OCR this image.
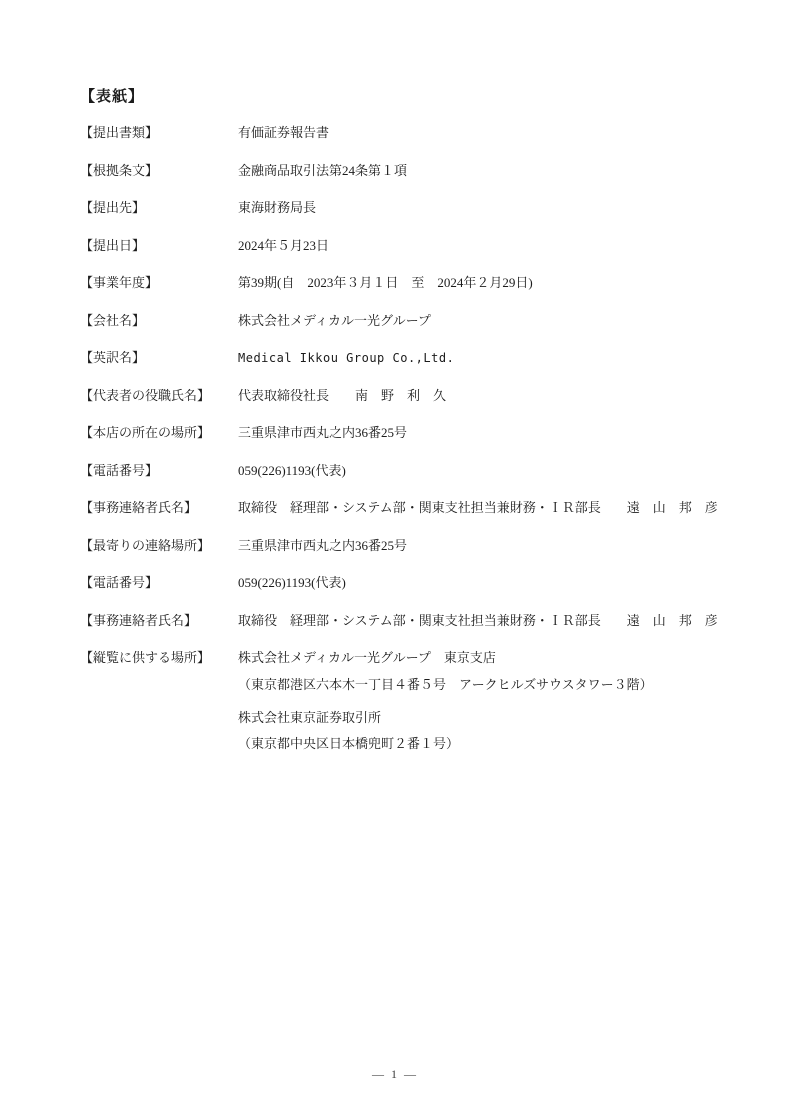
【表紙】
【提出書類】	有価証券報告書
【根拠条文】	金融商品取引法第24条第１項
【提出先】	東海財務局長
【提出日】	2024年５月23日
【事業年度】	第39期(自　2023年３月１日　至　2024年２月29日)
【会社名】	株式会社メディカル一光グループ
【英訳名】	Medical Ikkou Group Co.,Ltd.
【代表者の役職氏名】	代表取締役社長　　南　野　利　久
【本店の所在の場所】	三重県津市西丸之内36番25号
【電話番号】	059(226)1193(代表)
【事務連絡者氏名】	取締役　経理部・システム部・関東支社担当兼財務・ＩＲ部長　　遠　山　邦　彦
【最寄りの連絡場所】	三重県津市西丸之内36番25号
【電話番号】	059(226)1193(代表)
【事務連絡者氏名】	取締役　経理部・システム部・関東支社担当兼財務・ＩＲ部長　　遠　山　邦　彦
【縦覧に供する場所】	株式会社メディカル一光グループ　東京支店
（東京都港区六本木一丁目４番５号　アークヒルズサウスタワー３階）
株式会社東京証券取引所
（東京都中央区日本橋兜町２番１号）
― 1 ―
